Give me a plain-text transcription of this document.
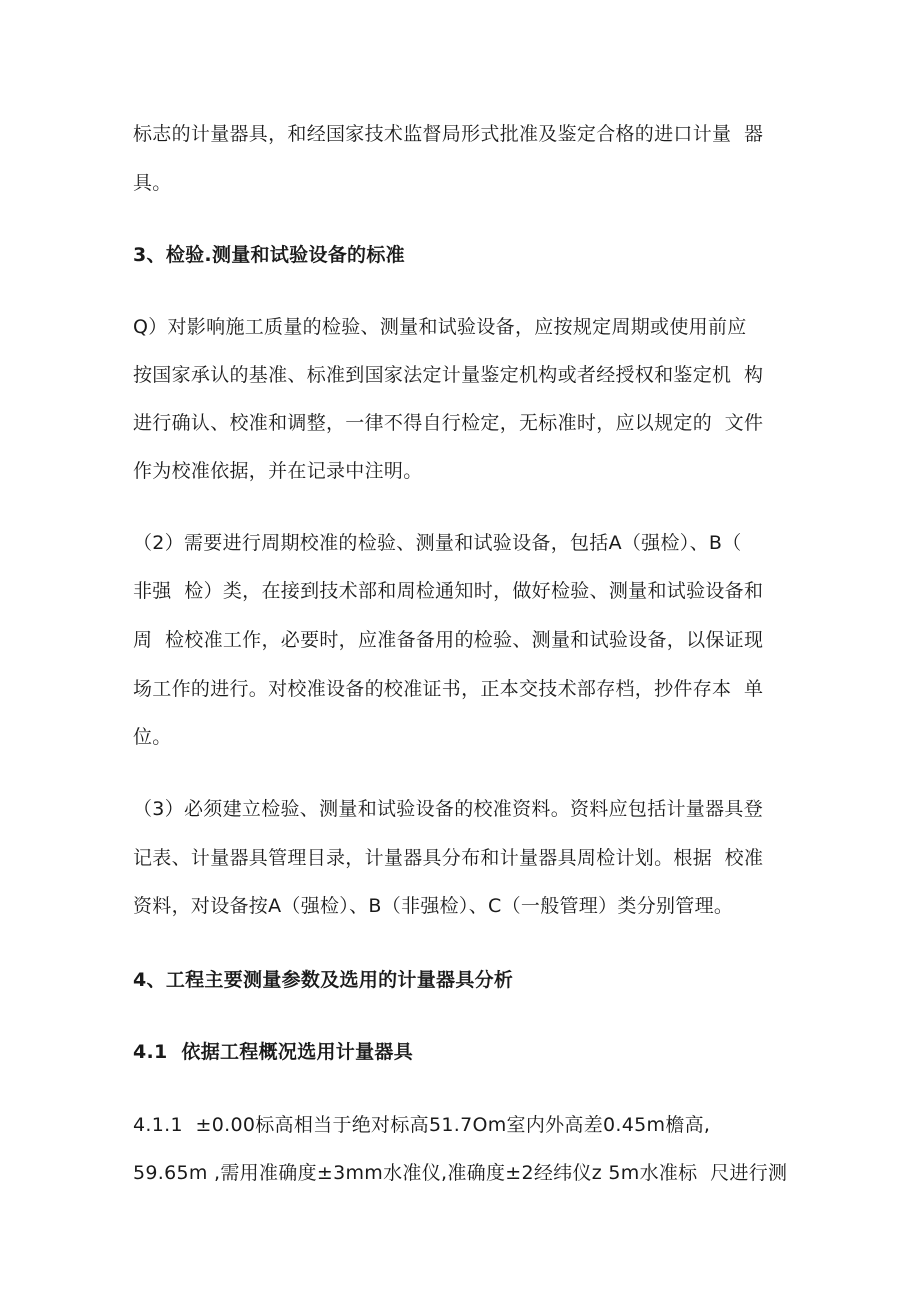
标志的计量器具，和经国家技术监督局形式批准及鉴定合格的进口计量  器
具。
3、检验.测量和试验设备的标准
Q）对影响施工质量的检验、测量和试验设备，应按规定周期或使用前应
按国家承认的基准、标准到国家法定计量鉴定机构或者经授权和鉴定机  构
进行确认、校准和调整，一律不得自行检定，无标准时，应以规定的  文件
作为校准依据，并在记录中注明。
（2）需要进行周期校准的检验、测量和试验设备，包括A（强检）、B（
非强  检）类，在接到技术部和周检通知时，做好检验、测量和试验设备和
周  检校准工作，必要时，应准备备用的检验、测量和试验设备，以保证现
场工作的进行。对校准设备的校准证书，正本交技术部存档，抄件存本  单
位。
（3）必须建立检验、测量和试验设备的校准资料。资料应包括计量器具登
记表、计量器具管理目录，计量器具分布和计量器具周检计划。根据  校准
资料，对设备按A（强检）、B（非强检）、C（一般管理）类分别管理。
4、工程主要测量参数及选用的计量器具分析
4.1  依据工程概况选用计量器具
4.1.1  ±0.00标高相当于绝对标高51.7Om室内外高差0.45m檐高,
59.65m ,需用准确度±3mm水准仪,准确度±2经纬仪z 5m水准标  尺进行测
